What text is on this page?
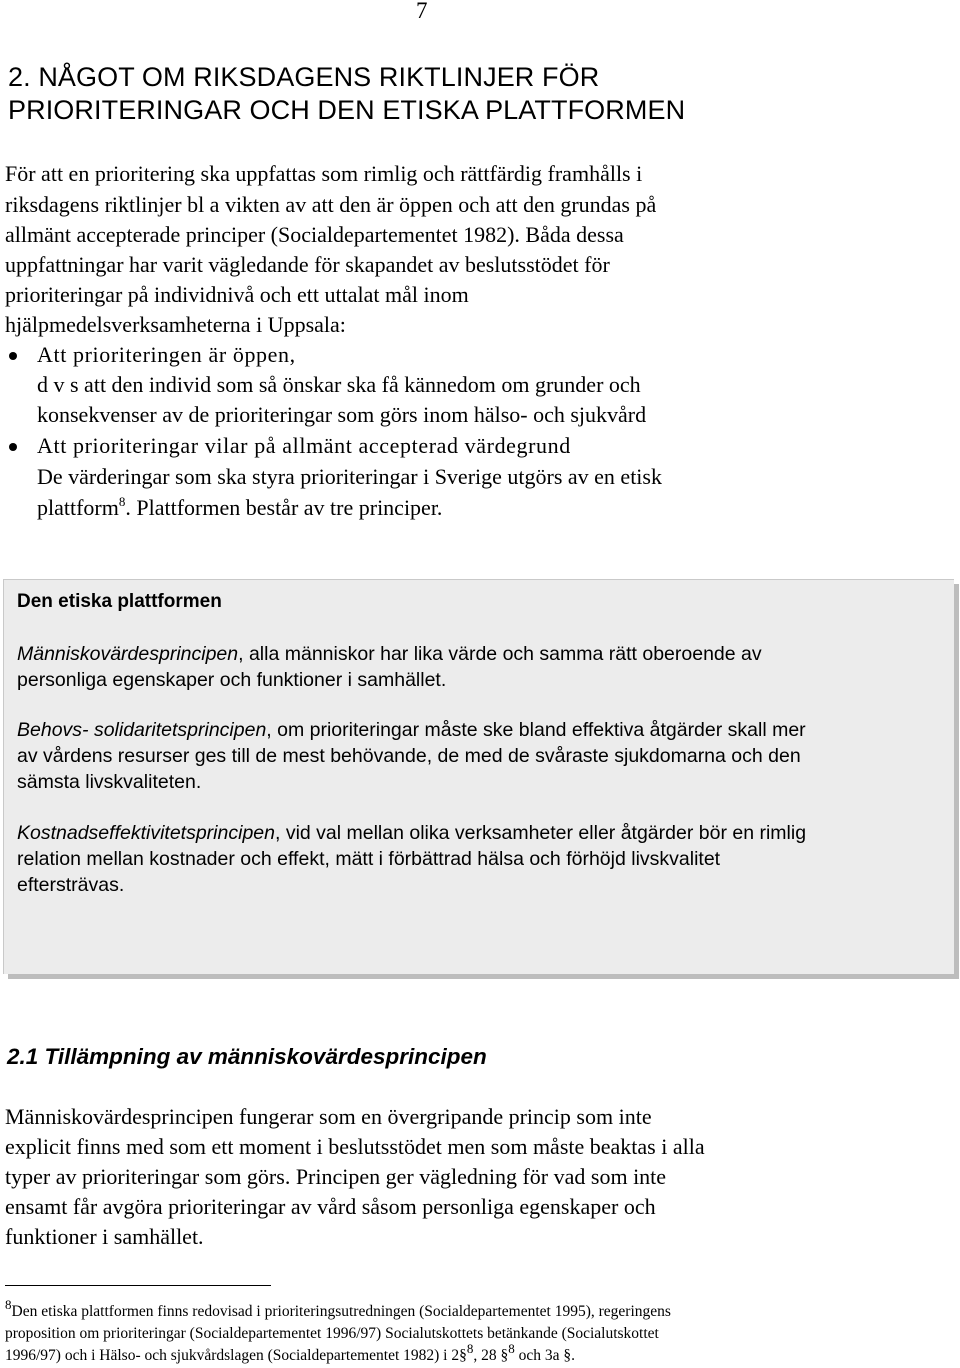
7
2. NÅGOT OM RIKSDAGENS RIKTLINJER FÖR
PRIORITERINGAR OCH DEN ETISKA PLATTFORMEN
För att en prioritering ska uppfattas som rimlig och rättfärdig framhålls i
riksdagens riktlinjer bl a vikten av att den är öppen och att den grundas på
allmänt accepterade principer (Socialdepartementet 1982). Båda dessa
uppfattningar har varit vägledande för skapandet av beslutsstödet för
prioriteringar på individnivå och ett uttalat mål inom
hjälpmedelsverksamheterna i Uppsala:
Att prioriteringen är öppen,
d v s att den individ som så önskar ska få kännedom om grunder och
konsekvenser av de prioriteringar som görs inom hälso- och sjukvård
Att prioriteringar vilar på allmänt accepterad värdegrund
De värderingar som ska styra prioriteringar i Sverige utgörs av en etisk
plattform$^8$. Plattformen består av tre principer.
Den etiska plattformen
Människovärdesprincipen, alla människor har lika värde och samma rätt oberoende av
personliga egenskaper och funktioner i samhället.
Behovs- solidaritetsprincipen, om prioriteringar måste ske bland effektiva åtgärder skall mer
av vårdens resurser ges till de mest behövande, de med de svåraste sjukdomarna och den
sämsta livskvaliteten.
Kostnadseffektivitetsprincipen, vid val mellan olika verksamheter eller åtgärder bör en rimlig
relation mellan kostnader och effekt, mätt i förbättrad hälsa och förhöjd livskvalitet
eftersträvas.
2.1 Tillämpning av människovärdesprincipen
Människovärdesprincipen fungerar som en övergripande princip som inte
explicit finns med som ett moment i beslutsstödet men som måste beaktas i alla
typer av prioriteringar som görs. Principen ger vägledning för vad som inte
ensamt får avgöra prioriteringar av vård såsom personliga egenskaper och
funktioner i samhället.
$^8$Den etiska plattformen finns redovisad i prioriteringsutredningen (Socialdepartementet 1995), regeringens
proposition om prioriteringar (Socialdepartementet 1996/97) Socialutskottets betänkande (Socialutskottet
1996/97) och i Hälso- och sjukvårdslagen (Socialdepartementet 1982) i 2§$^8$, 28 §$^8$ och 3a §.
